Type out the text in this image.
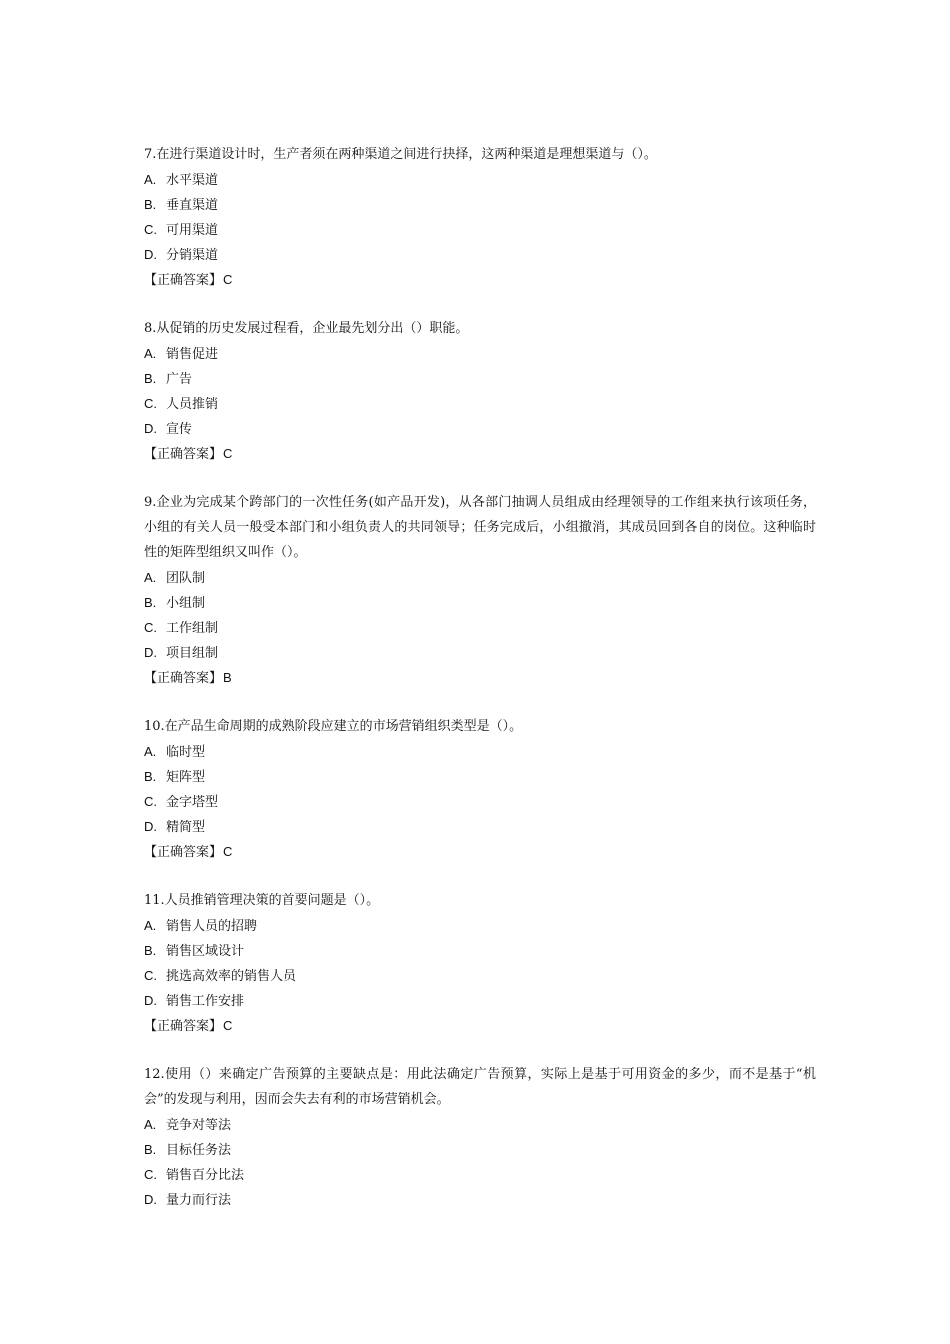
7.在进行渠道设计时，生产者须在两种渠道之间进行抉择，这两种渠道是理想渠道与（）。

A. 水平渠道
B. 垂直渠道
C. 可用渠道
D. 分销渠道
【正确答案】C

8.从促销的历史发展过程看，企业最先划分出（）职能。

A. 销售促进
B. 广告
C. 人员推销
D. 宣传
【正确答案】C

9.企业为完成某个跨部门的一次性任务(如产品开发)，从各部门抽调人员组成由经理领导的工作组来执行该项任务，小组的有关人员一般受本部门和小组负责人的共同领导；任务完成后，小组撤消，其成员回到各自的岗位。这种临时性的矩阵型组织又叫作（）。

A. 团队制
B. 小组制
C. 工作组制
D. 项目组制
【正确答案】B

10.在产品生命周期的成熟阶段应建立的市场营销组织类型是（）。

A. 临时型
B. 矩阵型
C. 金字塔型
D. 精简型
【正确答案】C

11.人员推销管理决策的首要问题是（）。

A. 销售人员的招聘
B. 销售区域设计
C. 挑选高效率的销售人员
D. 销售工作安排
【正确答案】C

12.使用（）来确定广告预算的主要缺点是：用此法确定广告预算，实际上是基于可用资金的多少，而不是基于“机会”的发现与利用，因而会失去有利的市场营销机会。

A. 竞争对等法
B. 目标任务法
C. 销售百分比法
D. 量力而行法
